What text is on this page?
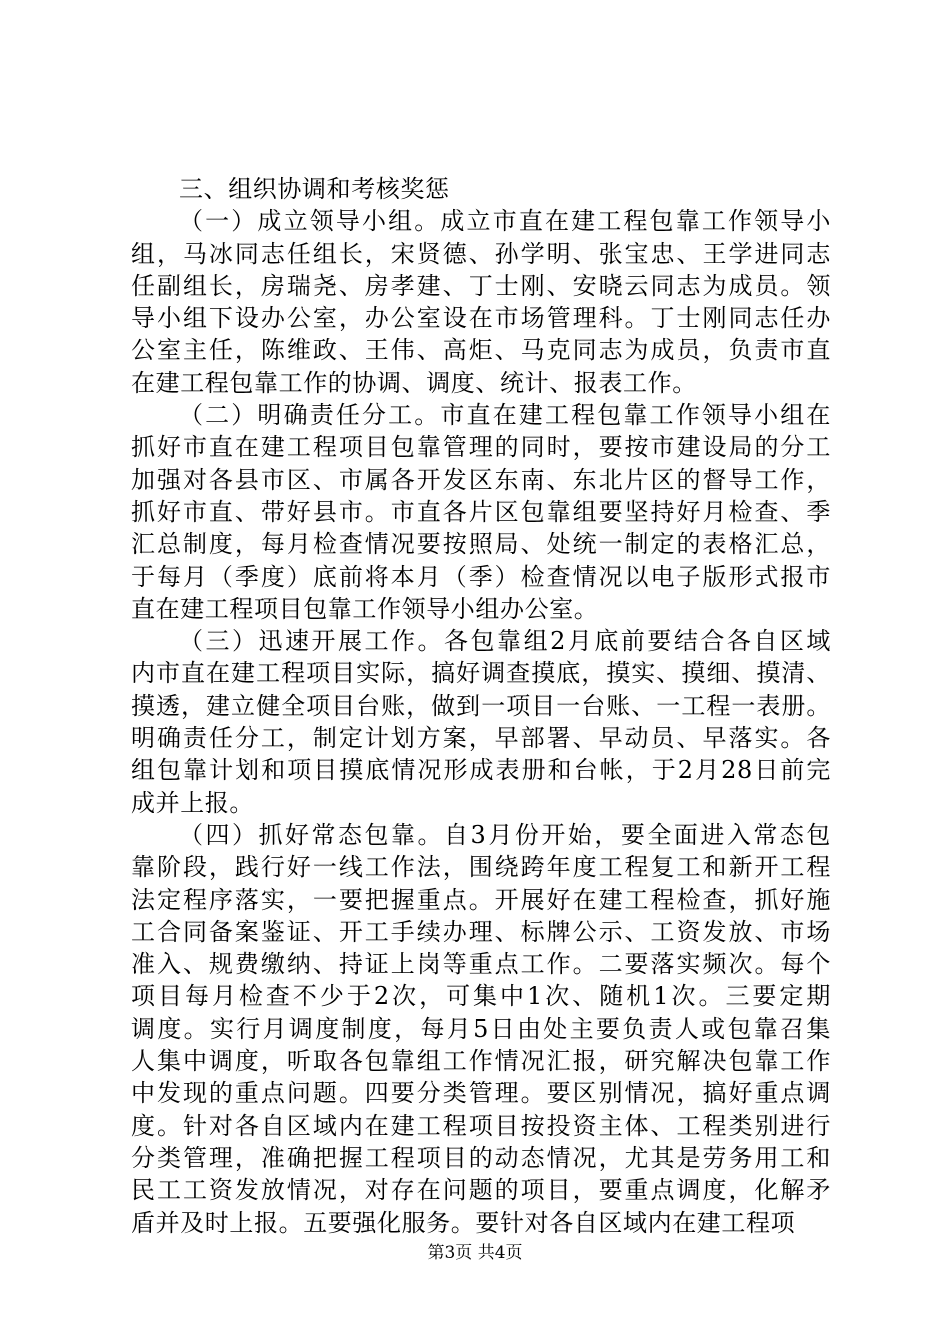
三、组织协调和考核奖惩
（一）成立领导小组。成立市直在建工程包靠工作领导小
组，马冰同志任组长，宋贤德、孙学明、张宝忠、王学进同志
任副组长，房瑞尧、房孝建、丁士刚、安晓云同志为成员。领
导小组下设办公室，办公室设在市场管理科。丁士刚同志任办
公室主任，陈维政、王伟、高炬、马克同志为成员，负责市直
在建工程包靠工作的协调、调度、统计、报表工作。
（二）明确责任分工。市直在建工程包靠工作领导小组在
抓好市直在建工程项目包靠管理的同时，要按市建设局的分工
加强对各县市区、市属各开发区东南、东北片区的督导工作，
抓好市直、带好县市。市直各片区包靠组要坚持好月检查、季
汇总制度，每月检查情况要按照局、处统一制定的表格汇总，
于每月（季度）底前将本月（季）检查情况以电子版形式报市
直在建工程项目包靠工作领导小组办公室。
（三）迅速开展工作。各包靠组2月底前要结合各自区域
内市直在建工程项目实际，搞好调查摸底，摸实、摸细、摸清、
摸透，建立健全项目台账，做到一项目一台账、一工程一表册。
明确责任分工，制定计划方案，早部署、早动员、早落实。各
组包靠计划和项目摸底情况形成表册和台帐，于2月28日前完
成并上报。
（四）抓好常态包靠。自3月份开始，要全面进入常态包
靠阶段，践行好一线工作法，围绕跨年度工程复工和新开工程
法定程序落实，一要把握重点。开展好在建工程检查，抓好施
工合同备案鉴证、开工手续办理、标牌公示、工资发放、市场
准入、规费缴纳、持证上岗等重点工作。二要落实频次。每个
项目每月检查不少于2次，可集中1次、随机1次。三要定期
调度。实行月调度制度，每月5日由处主要负责人或包靠召集
人集中调度，听取各包靠组工作情况汇报，研究解决包靠工作
中发现的重点问题。四要分类管理。要区别情况，搞好重点调
度。针对各自区域内在建工程项目按投资主体、工程类别进行
分类管理，准确把握工程项目的动态情况，尤其是劳务用工和
民工工资发放情况，对存在问题的项目，要重点调度，化解矛
盾并及时上报。五要强化服务。要针对各自区域内在建工程项
第3页 共4页
